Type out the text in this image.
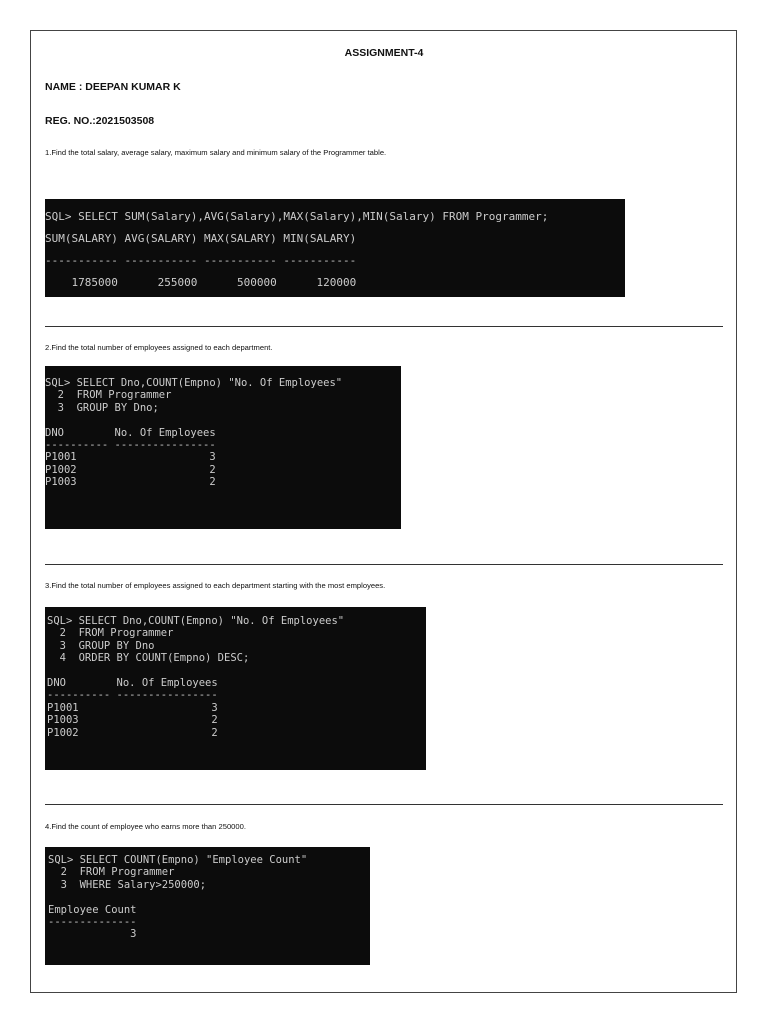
ASSIGNMENT-4
NAME : DEEPAN KUMAR K
REG. NO.:2021503508
1.Find the total salary, average salary, maximum salary and minimum salary of the Programmer table.
SQL> SELECT SUM(Salary),AVG(Salary),MAX(Salary),MIN(Salary) FROM Programmer;
SUM(SALARY) AVG(SALARY) MAX(SALARY) MIN(SALARY)
----------- ----------- ----------- -----------
1785000      255000      500000      120000
2.Find the total number of employees assigned to each department.
SQL> SELECT Dno,COUNT(Empno) "No. Of Employees"
2  FROM Programmer
3  GROUP BY Dno;

DNO        No. Of Employees
---------- ----------------
P1001                     3
P1002                     2
P1003                     2
3.Find the total number of employees assigned to each department starting with the most employees.
SQL> SELECT Dno,COUNT(Empno) "No. Of Employees"
2  FROM Programmer
3  GROUP BY Dno
4  ORDER BY COUNT(Empno) DESC;

DNO        No. Of Employees
---------- ----------------
P1001                     3
P1003                     2
P1002                     2
4.Find the count of employee who earns more than 250000.
SQL> SELECT COUNT(Empno) "Employee Count"
2  FROM Programmer
3  WHERE Salary>250000;

Employee Count
--------------
3
